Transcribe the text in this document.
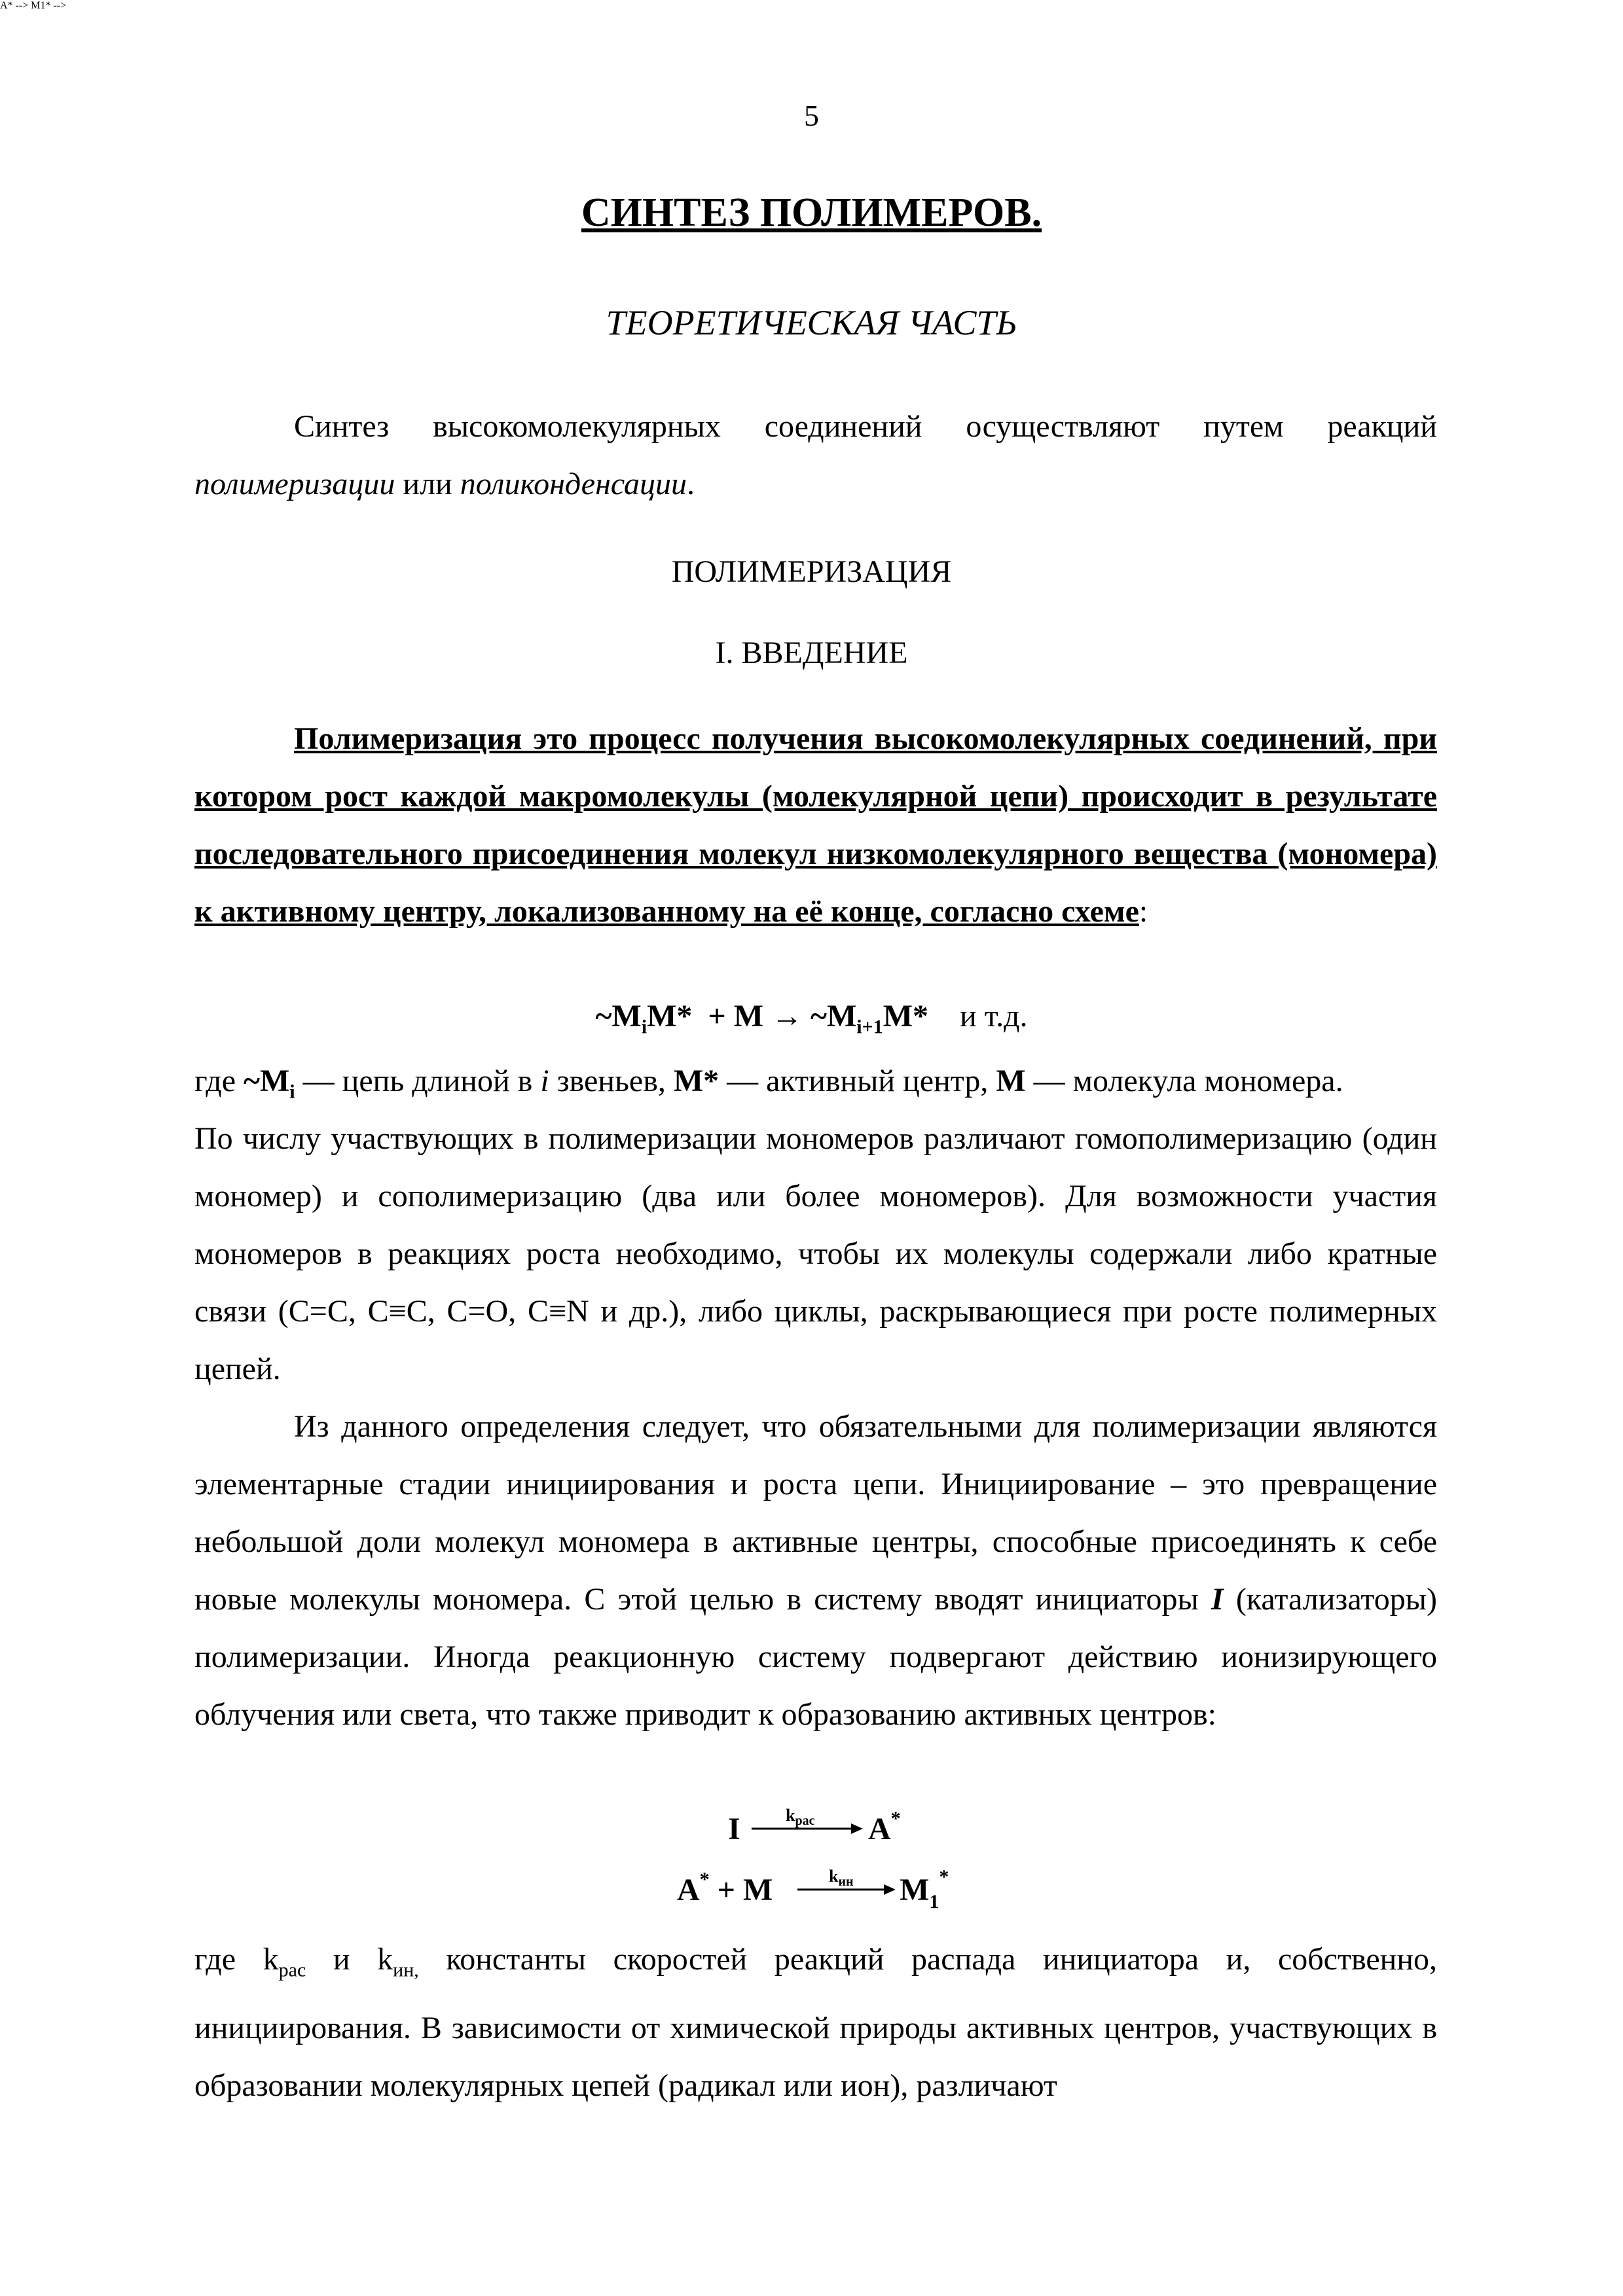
5
СИНТЕЗ ПОЛИМЕРОВ.
ТЕОРЕТИЧЕСКАЯ ЧАСТЬ
Синтез высокомолекулярных соединений осуществляют путем реакций полимеризации или поликонденсации.
ПОЛИМЕРИЗАЦИЯ
I. ВВЕДЕНИЕ
Полимеризация это процесс получения высокомолекулярных соединений, при котором рост каждой макромолекулы (молекулярной цепи) происходит в результате последовательного присоединения молекул низкомолекулярного вещества (мономера) к активному центру, локализованному на её конце, согласно схеме:
$\sim M_iM* + M$ → $\sim M_{i+1}M*$ и т.д.
где $\sim M_i$ — цепь длиной в i звеньев, M* — активный центр, M — молекула мономера.
По числу участвующих в полимеризации мономеров различают гомополимеризацию (один мономер) и сополимеризацию (два или более мономеров). Для возможности участия мономеров в реакциях роста необходимо, чтобы их молекулы содержали либо кратные связи (C=C, C≡C, C=O, C≡N и др.), либо циклы, раскрывающиеся при росте полимерных цепей.
Из данного определения следует, что обязательными для полимеризации являются элементарные стадии инициирования и роста цепи. Инициирование – это превращение небольшой доли молекул мономера в активные центры, способные присоединять к себе новые молекулы мономера. С этой целью в систему вводят инициаторы I (катализаторы) полимеризации. Иногда реакционную систему подвергают действию ионизирующего облучения или света, что также приводит к образованию активных центров:
A* -->
I	$k_{рас}$ A*
M1* -->
A* + M	$k_{ин}$ $M_1^*$
где $k_{рас}$ и $k_{ин,}$ константы скоростей реакций распада инициатора и, собственно, инициирования. В зависимости от химической природы активных центров, участвующих в образовании молекулярных цепей (радикал или ион), различают
